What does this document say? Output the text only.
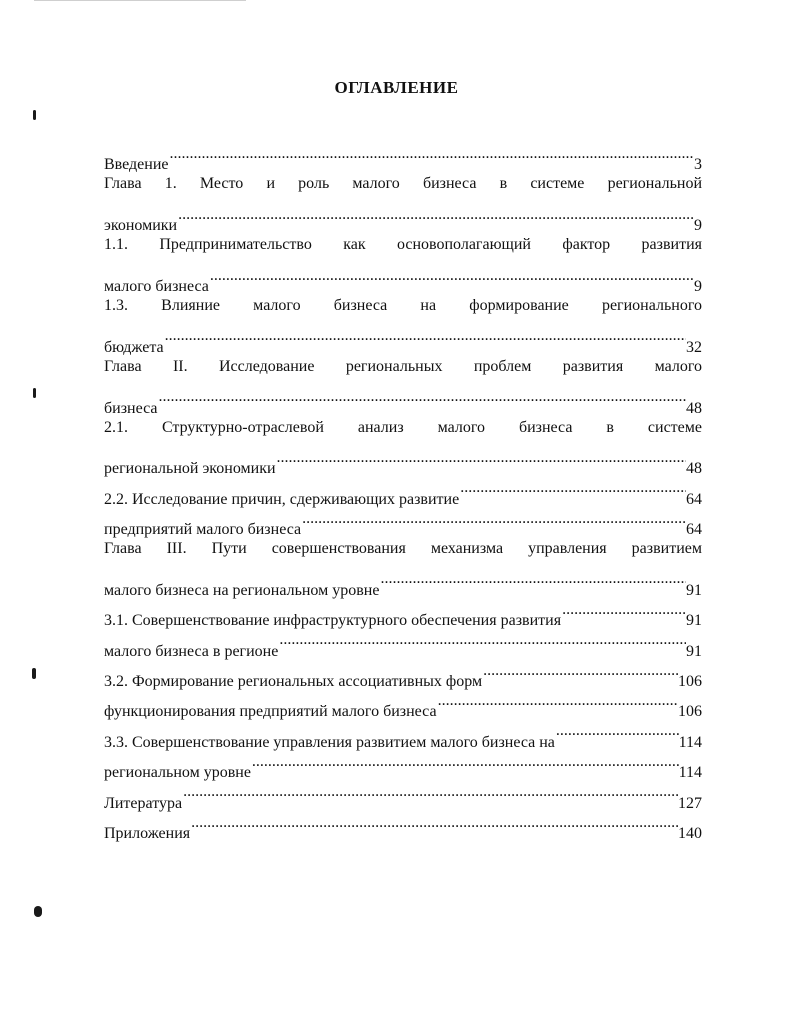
ОГЛАВЛЕНИЕ
Введение .....	3
Глава 1. Место и роль малого бизнеса в системе региональной
экономики .....	9
1.1. Предпринимательство как основополагающий фактор развития
малого бизнеса .....	9
1.3. Влияние малого бизнеса на формирование регионального
бюджета .....	32
Глава II. Исследование региональных проблем развития малого
бизнеса .....	48
2.1. Структурно-отраслевой анализ малого бизнеса в системе
региональной экономики .....	48
2.2. Исследование причин, сдерживающих развитие .....	64
предприятий малого бизнеса .....	64
Глава III. Пути совершенствования механизма управления развитием
малого бизнеса на региональном уровне .....	91
3.1. Совершенствование инфраструктурного обеспечения развития .....	91
малого бизнеса в регионе .....	91
3.2. Формирование региональных ассоциативных форм .....	106
функционирования предприятий малого бизнеса .....	106
3.3. Совершенствование управления развитием малого бизнеса на .....	114
региональном уровне .....	114
Литература .....	127
Приложения .....	140
